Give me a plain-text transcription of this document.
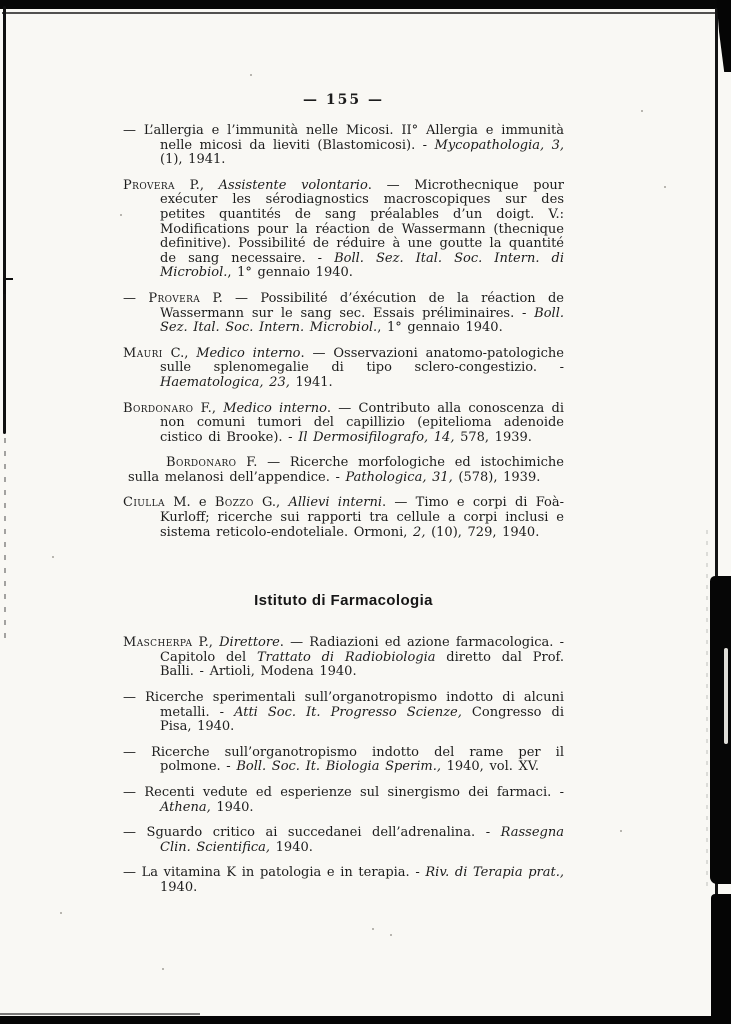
— 155 —

— L’allergia e l’immunità nelle Micosi. II° Allergia e immunità nelle micosi da lieviti (Blastomicosi). - Mycopathologia, 3, (1), 1941.

Provera P., Assistente volontario. — Microthecnique pour exécuter les sérodiagnostics macroscopiques sur des petites quantités de sang préalables d’un doigt. V.: Modifications pour la réaction de Wassermann (thecnique definitive). Possibilité de réduire à une goutte la quantité de sang necessaire. - Boll. Sez. Ital. Soc. Intern. di Microbiol., 1° gennaio 1940.

— Provera P. — Possibilité d’éxécution de la réaction de Wassermann sur le sang sec. Essais préliminaires. - Boll. Sez. Ital. Soc. Intern. Microbiol., 1° gennaio 1940.

Mauri C., Medico interno. — Osservazioni anatomo-patologiche sulle splenomegalie di tipo sclero-congestizio. - Haematologica, 23, 1941.

Bordonaro F., Medico interno. — Contributo alla conoscenza di non comuni tumori del capillizio (epitelioma adenoide cistico di Brooke). - Il Dermosifilografo, 14, 578, 1939.

Bordonaro F. — Ricerche morfologiche ed istochimiche sulla melanosi dell’appendice. - Pathologica, 31, (578), 1939.

Ciulla M. e Bozzo G., Allievi interni. — Timo e corpi di Foà-Kurloff; ricerche sui rapporti tra cellule a corpi inclusi e sistema reticolo-endoteliale. Ormoni, 2, (10), 729, 1940.

Istituto di Farmacologia

Mascherpa P., Direttore. — Radiazioni ed azione farmacologica. - Capitolo del Trattato di Radiobiologia diretto dal Prof. Balli. - Artioli, Modena 1940.

— Ricerche sperimentali sull’organotropismo indotto di alcuni metalli. - Atti Soc. It. Progresso Scienze, Congresso di Pisa, 1940.

— Ricerche sull’organotropismo indotto del rame per il polmone. - Boll. Soc. It. Biologia Sperim., 1940, vol. XV.

— Recenti vedute ed esperienze sul sinergismo dei farmaci. - Athena, 1940.

— Sguardo critico ai succedanei dell’adrenalina. - Rassegna Clin. Scientifica, 1940.

— La vitamina K in patologia e in terapia. - Riv. di Terapia prat., 1940.
